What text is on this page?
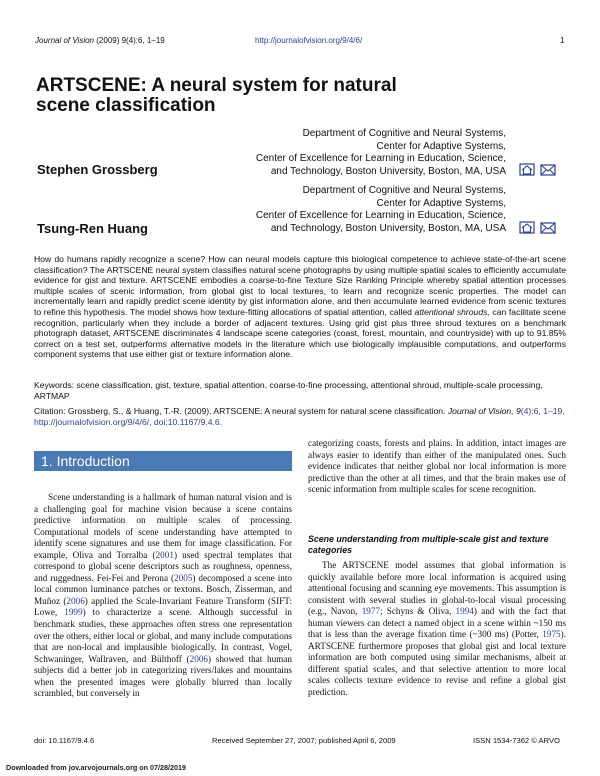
Journal of Vision (2009) 9(4):6, 1–19	http://journalofvision.org/9/4/6/	1
ARTSCENE: A neural system for natural
scene classification
Department of Cognitive and Neural Systems,
Center for Adaptive Systems,
Center of Excellence for Learning in Education, Science,
and Technology, Boston University, Boston, MA, USA
Stephen Grossberg
Department of Cognitive and Neural Systems,
Center for Adaptive Systems,
Center of Excellence for Learning in Education, Science,
and Technology, Boston University, Boston, MA, USA
Tsung-Ren Huang
How do humans rapidly recognize a scene? How can neural models capture this biological competence to achieve state-of-the-art scene classification? The ARTSCENE neural system classifies natural scene photographs by using multiple spatial scales to efficiently accumulate evidence for gist and texture. ARTSCENE embodies a coarse-to-fine Texture Size Ranking Principle whereby spatial attention processes multiple scales of scenic information, from global gist to local textures, to learn and recognize scenic properties. The model can incrementally learn and rapidly predict scene identity by gist information alone, and then accumulate learned evidence from scenic textures to refine this hypothesis. The model shows how texture-fitting allocations of spatial attention, called attentional shrouds, can facilitate scene recognition, particularly when they include a border of adjacent textures. Using grid gist plus three shroud textures on a benchmark photograph dataset, ARTSCENE discriminates 4 landscape scene categories (coast, forest, mountain, and countryside) with up to 91.85% correct on a test set, outperforms alternative models in the literature which use biologically implausible computations, and outperforms component systems that use either gist or texture information alone.
Keywords: scene classification, gist, texture, spatial attention, coarse-to-fine processing, attentional shroud, multiple-scale processing, ARTMAP
Citation: Grossberg, S., & Huang, T.-R. (2009). ARTSCENE: A neural system for natural scene classification. Journal of Vision, 9(4):6, 1–19, http://journalofvision.org/9/4/6/, doi:10.1167/9.4.6.
1. Introduction

Scene understanding is a hallmark of human natural vision and is a challenging goal for machine vision because a scene contains predictive information on multiple scales of processing. Computational models of scene understanding have attempted to identify scene signatures and use them for image classification. For example, Oliva and Torralba (2001) used spectral templates that correspond to global scene descriptors such as roughness, openness, and ruggedness. Fei-Fei and Perona (2005) decomposed a scene into local common luminance patches or textons. Bosch, Zisserman, and Muñoz (2006) applied the Scale-Invariant Feature Transform (SIFT: Lowe, 1999) to characterize a scene. Although successful in benchmark studies, these approaches often stress one representation over the others, either local or global, and many include computations that are non-local and implausible biologically. In contrast, Vogel, Schwaninger, Wallraven, and Bülthoff (2006) showed that human subjects did a better job in categorizing rivers/lakes and mountains when the presented images were globally blurred than locally scrambled, but conversely in

categorizing coasts, forests and plains. In addition, intact images are always easier to identify than either of the manipulated ones. Such evidence indicates that neither global nor local information is more predictive than the other at all times, and that the brain makes use of scenic information from multiple scales for scene recognition.

Scene understanding from multiple-scale gist and texture categories

The ARTSCENE model assumes that global information is quickly available before more local information is acquired using attentional focusing and scanning eye movements. This assumption is consistent with several studies in global-to-local visual processing (e.g., Navon, 1977; Schyns & Oliva, 1994) and with the fact that human viewers can detect a named object in a scene within ~150 ms that is less than the average fixation time (~300 ms) (Potter, 1975). ARTSCENE furthermore proposes that global gist and local texture information are both computed using similar mechanisms, albeit at different spatial scales, and that selective attention to more local scales collects texture evidence to revise and refine a global gist prediction.

doi: 10.1167/9.4.6	Received September 27, 2007; published April 6, 2009	ISSN 1534-7362 © ARVO
Downloaded from jov.arvojournals.org on 07/28/2019
